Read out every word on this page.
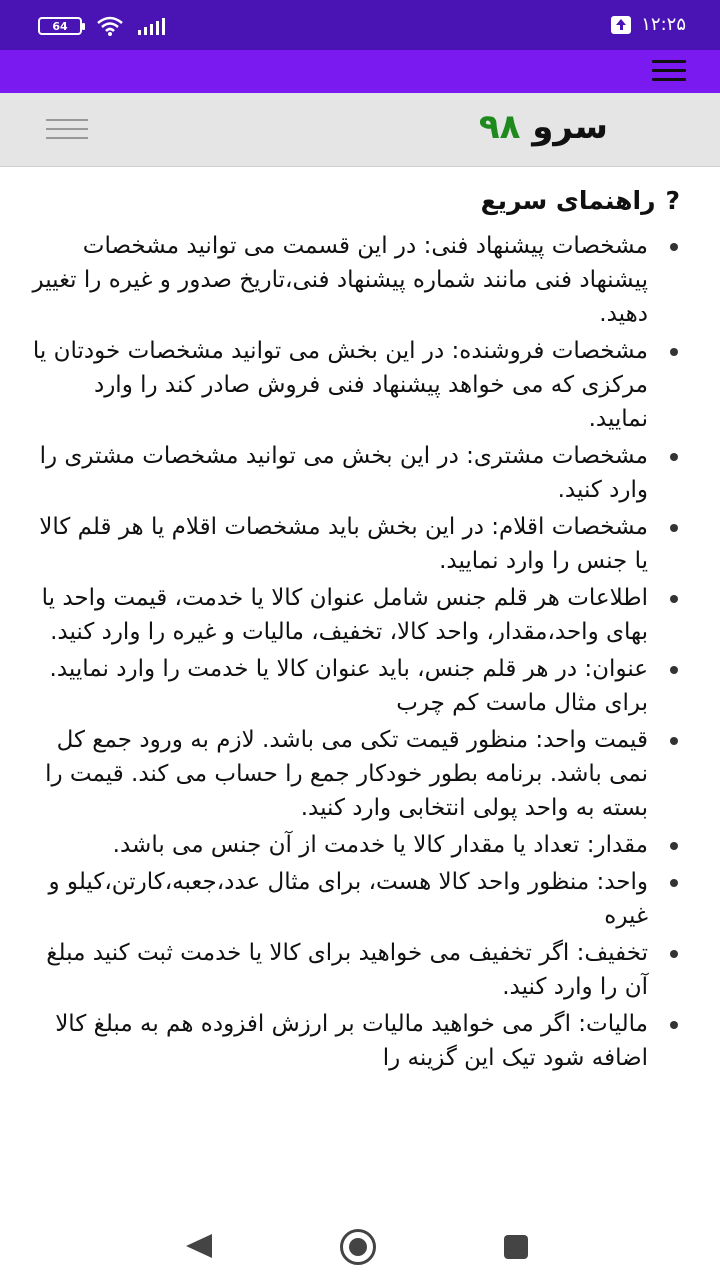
64	۱۲:۲۵
سرو ۹۸
?
راهنمای سریع
مشخصات پیشنهاد فنی: در این قسمت می توانید مشخصات پیشنهاد فنی مانند شماره پیشنهاد فنی،تاریخ صدور و غیره را تغییر دهید.
مشخصات فروشنده: در این بخش می توانید مشخصات خودتان یا مرکزی که می خواهد پیشنهاد فنی فروش صادر کند را وارد نمایید.
مشخصات مشتری: در این بخش می توانید مشخصات مشتری را وارد کنید.
مشخصات اقلام: در این بخش باید مشخصات اقلام یا هر قلم کالا یا جنس را وارد نمایید.
اطلاعات هر قلم جنس شامل عنوان کالا یا خدمت، قیمت واحد یا بهای واحد،مقدار، واحد کالا، تخفیف، مالیات و غیره را وارد کنید.
عنوان: در هر قلم جنس، باید عنوان کالا یا خدمت را وارد نمایید. برای مثال ماست کم چرب
قیمت واحد: منظور قیمت تکی می باشد. لازم به ورود جمع کل نمی باشد. برنامه بطور خودکار جمع را حساب می کند. قیمت را بسته به واحد پولی انتخابی وارد کنید.
مقدار: تعداد یا مقدار کالا یا خدمت از آن جنس می باشد.
واحد: منظور واحد کالا هست، برای مثال عدد،جعبه،کارتن،کیلو و غیره
تخفیف: اگر تخفیف می خواهید برای کالا یا خدمت ثبت کنید مبلغ آن را وارد کنید.
مالیات: اگر می خواهید مالیات بر ارزش افزوده هم به مبلغ کالا اضافه شود تیک این گزینه را
